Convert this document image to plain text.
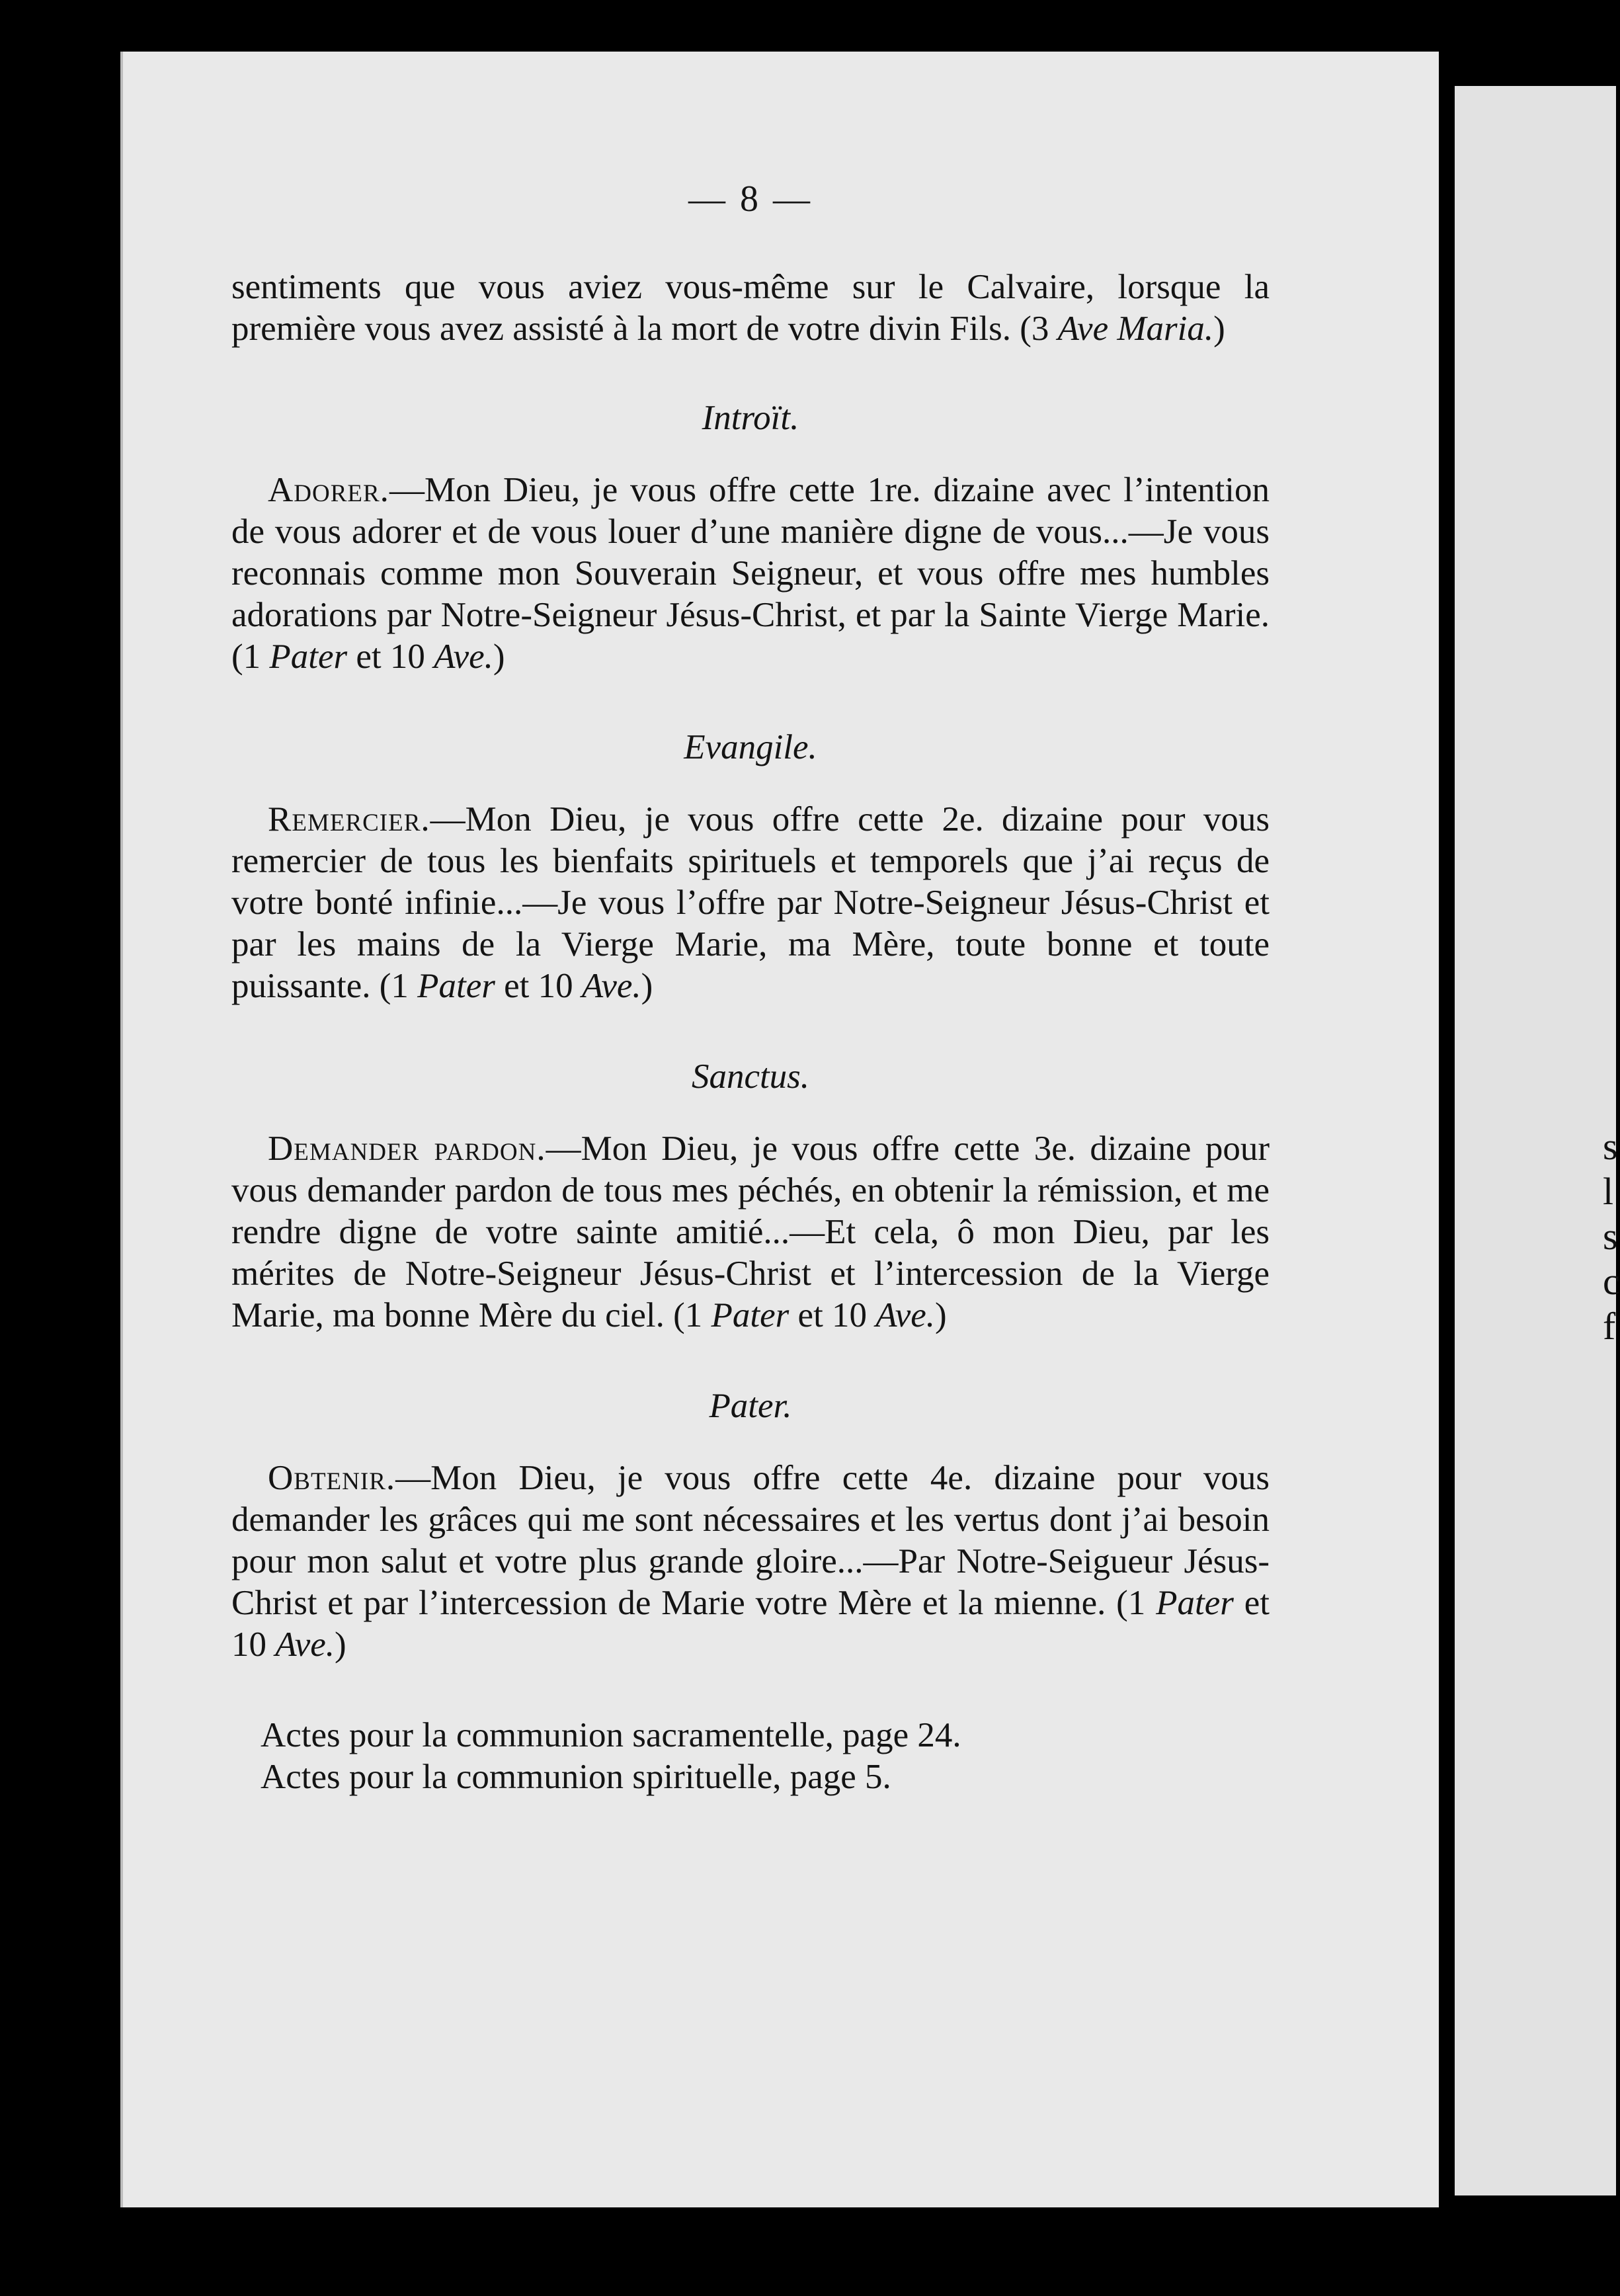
s
l
s
c
f
— 8 —

sentiments que vous aviez vous-même sur le Calvaire, lorsque la première vous avez assisté à la mort de votre divin Fils. (3 Ave Maria.)

Introït.

Adorer.—Mon Dieu, je vous offre cette 1re. dizaine avec l’intention de vous adorer et de vous louer d’une manière digne de vous...—Je vous reconnais comme mon Souverain Seigneur, et vous offre mes humbles adorations par Notre-Seigneur Jésus-Christ, et par la Sainte Vierge Marie. (1 Pater et 10 Ave.)

Evangile.

Remercier.—Mon Dieu, je vous offre cette 2e. dizaine pour vous remercier de tous les bienfaits spirituels et temporels que j’ai reçus de votre bonté infinie...—Je vous l’offre par Notre-Seigneur Jésus-Christ et par les mains de la Vierge Marie, ma Mère, toute bonne et toute puissante. (1 Pater et 10 Ave.)

Sanctus.

Demander pardon.—Mon Dieu, je vous offre cette 3e. dizaine pour vous demander pardon de tous mes péchés, en obtenir la rémission, et me rendre digne de votre sainte amitié...—Et cela, ô mon Dieu, par les mérites de Notre-Seigneur Jésus-Christ et l’intercession de la Vierge Marie, ma bonne Mère du ciel. (1 Pater et 10 Ave.)

Pater.

Obtenir.—Mon Dieu, je vous offre cette 4e. dizaine pour vous demander les grâces qui me sont nécessaires et les vertus dont j’ai besoin pour mon salut et votre plus grande gloire...—Par Notre-Seigueur Jésus-Christ et par l’intercession de Marie votre Mère et la mienne. (1 Pater et 10 Ave.)

Actes pour la communion sacramentelle, page 24.

Actes pour la communion spirituelle, page 5.
